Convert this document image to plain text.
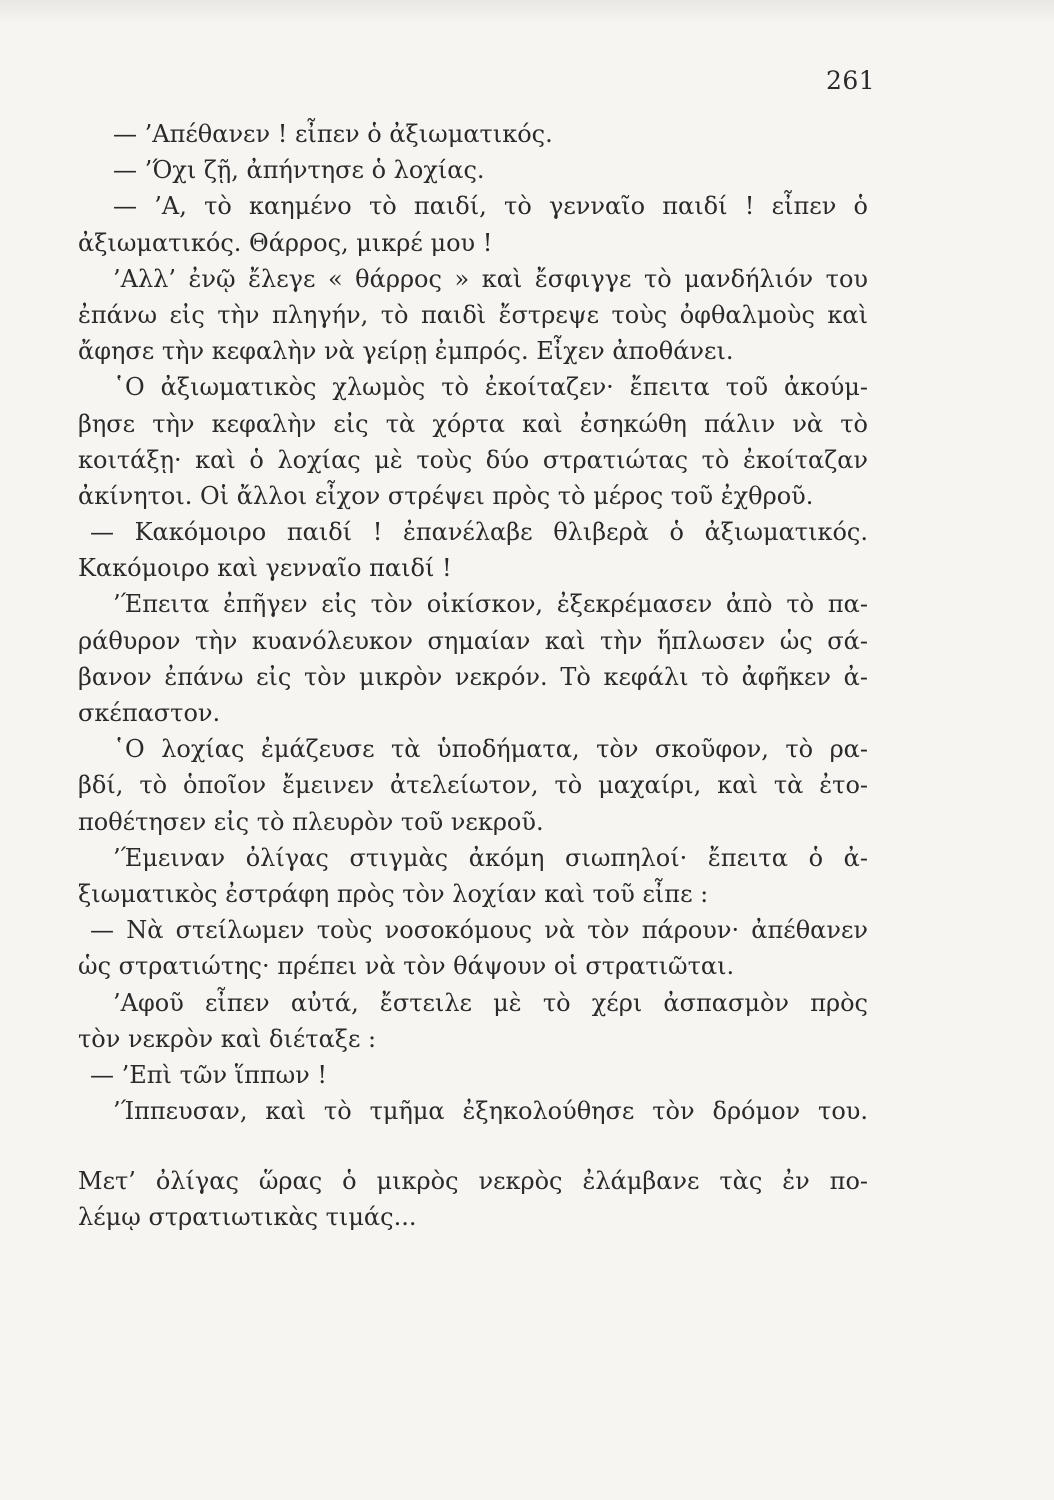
261
— ’Απέθανεν ! εἶπεν ὁ ἀξιωματικός.
— ’Όχι ζῇ, ἀπήντησε ὁ λοχίας.
— ’Α, τὸ καημένο τὸ παιδί, τὸ γενναῖο παιδί ! εἶπεν ὁ
ἀξιωματικός. Θάρρος, μικρέ μου !
’Αλλ’ ἐνῷ ἔλεγε « θάρρος » καὶ ἔσφιγγε τὸ μανδήλιόν του
ἐπάνω εἰς τὴν πληγήν, τὸ παιδὶ ἔστρεψε τοὺς ὀφθαλμοὺς καὶ
ἄφησε τὴν κεφαλὴν νὰ γείρῃ ἐμπρός. Εἶχεν ἀποθάνει.
῾Ο ἀξιωματικὸς χλωμὸς τὸ ἐκοίταζεν· ἔπειτα τοῦ ἀκούμ-
βησε τὴν κεφαλὴν εἰς τὰ χόρτα καὶ ἐσηκώθη πάλιν νὰ τὸ
κοιτάξῃ· καὶ ὁ λοχίας μὲ τοὺς δύο στρατιώτας τὸ ἐκοίταζαν
ἀκίνητοι. Οἱ ἄλλοι εἶχον στρέψει πρὸς τὸ μέρος τοῦ ἐχθροῦ.
— Κακόμοιρο παιδί ! ἐπανέλαβε θλιβερὰ ὁ ἀξιωματικός.
Κακόμοιρο καὶ γενναῖο παιδί !
’Έπειτα ἐπῆγεν εἰς τὸν οἰκίσκον, ἐξεκρέμασεν ἀπὸ τὸ πα-
ράθυρον τὴν κυανόλευκον σημαίαν καὶ τὴν ἥπλωσεν ὡς σά-
βανον ἐπάνω εἰς τὸν μικρὸν νεκρόν. Τὸ κεφάλι τὸ ἀφῆκεν ἀ-
σκέπαστον.
῾Ο λοχίας ἐμάζευσε τὰ ὑποδήματα, τὸν σκοῦφον, τὸ ρα-
βδί, τὸ ὁποῖον ἔμεινεν ἀτελείωτον, τὸ μαχαίρι, καὶ τὰ ἐτο-
ποθέτησεν εἰς τὸ πλευρὸν τοῦ νεκροῦ.
’Έμειναν ὀλίγας στιγμὰς ἀκόμη σιωπηλοί· ἔπειτα ὁ ἀ-
ξιωματικὸς ἐστράφη πρὸς τὸν λοχίαν καὶ τοῦ εἶπε :
— Νὰ στείλωμεν τοὺς νοσοκόμους νὰ τὸν πάρουν· ἀπέθανεν
ὡς στρατιώτης· πρέπει νὰ τὸν θάψουν οἱ στρατιῶται.
’Αφοῦ εἶπεν αὐτά, ἔστειλε μὲ τὸ χέρι ἀσπασμὸν πρὸς
τὸν νεκρὸν καὶ διέταξε :
— ’Επὶ τῶν ἵππων !
’Ίππευσαν, καὶ τὸ τμῆμα ἐξηκολούθησε τὸν δρόμον του.
Μετ’ ὀλίγας ὥρας ὁ μικρὸς νεκρὸς ἐλάμβανε τὰς ἐν πο-
λέμῳ στρατιωτικὰς τιμάς...
